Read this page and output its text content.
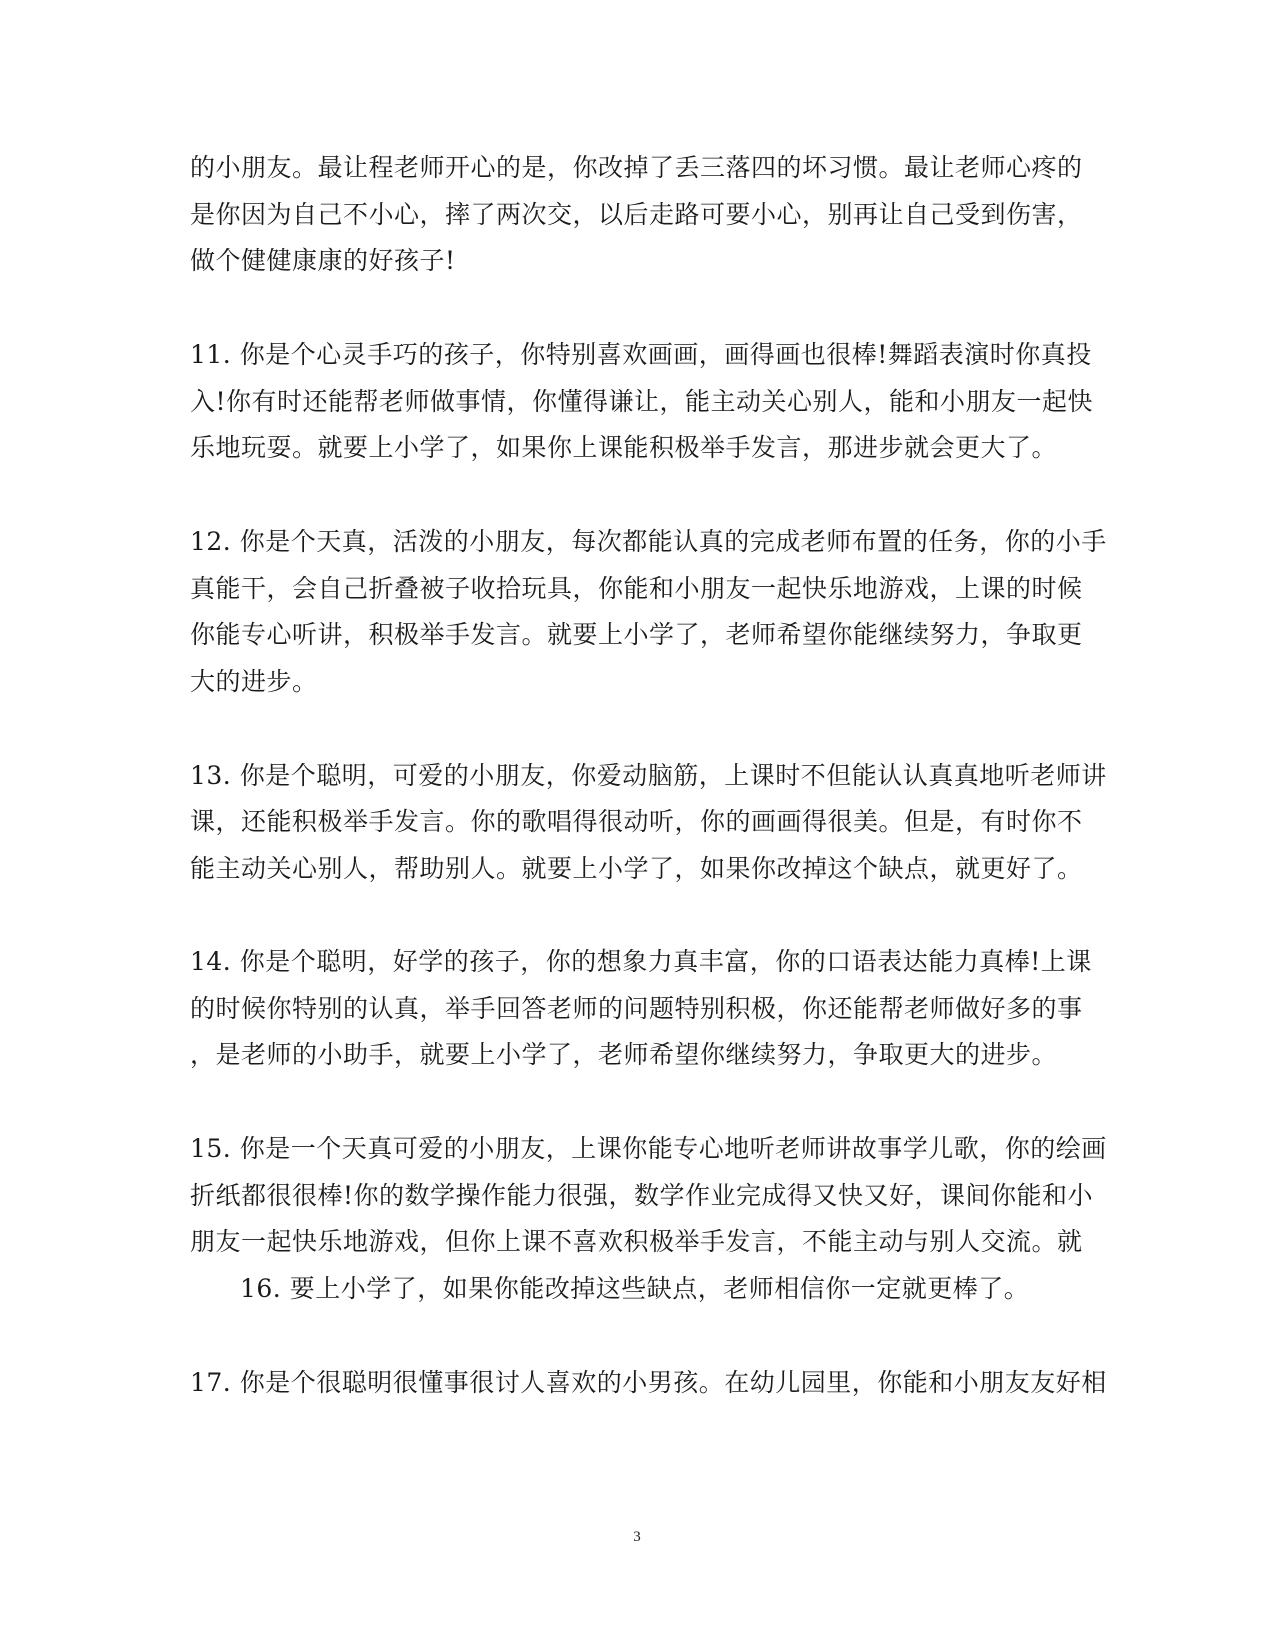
的小朋友。最让程老师开心的是，你改掉了丢三落四的坏习惯。最让老师心疼的
是你因为自己不小心，摔了两次交，以后走路可要小心，别再让自己受到伤害，
做个健健康康的好孩子!
11. 你是个心灵手巧的孩子，你特别喜欢画画，画得画也很棒!舞蹈表演时你真投
入!你有时还能帮老师做事情，你懂得谦让，能主动关心别人，能和小朋友一起快
乐地玩耍。就要上小学了，如果你上课能积极举手发言，那进步就会更大了。
12. 你是个天真，活泼的小朋友，每次都能认真的完成老师布置的任务，你的小手
真能干，会自己折叠被子收拾玩具，你能和小朋友一起快乐地游戏，上课的时候
你能专心听讲，积极举手发言。就要上小学了，老师希望你能继续努力，争取更
大的进步。
13. 你是个聪明，可爱的小朋友，你爱动脑筋，上课时不但能认认真真地听老师讲
课，还能积极举手发言。你的歌唱得很动听，你的画画得很美。但是，有时你不
能主动关心别人，帮助别人。就要上小学了，如果你改掉这个缺点，就更好了。
14. 你是个聪明，好学的孩子，你的想象力真丰富，你的口语表达能力真棒!上课
的时候你特别的认真，举手回答老师的问题特别积极，你还能帮老师做好多的事
，是老师的小助手，就要上小学了，老师希望你继续努力，争取更大的进步。
15. 你是一个天真可爱的小朋友，上课你能专心地听老师讲故事学儿歌，你的绘画
折纸都很很棒!你的数学操作能力很强，数学作业完成得又快又好，课间你能和小
朋友一起快乐地游戏，但你上课不喜欢积极举手发言，不能主动与别人交流。就
16. 要上小学了，如果你能改掉这些缺点，老师相信你一定就更棒了。
17. 你是个很聪明很懂事很讨人喜欢的小男孩。在幼儿园里，你能和小朋友友好相
3
